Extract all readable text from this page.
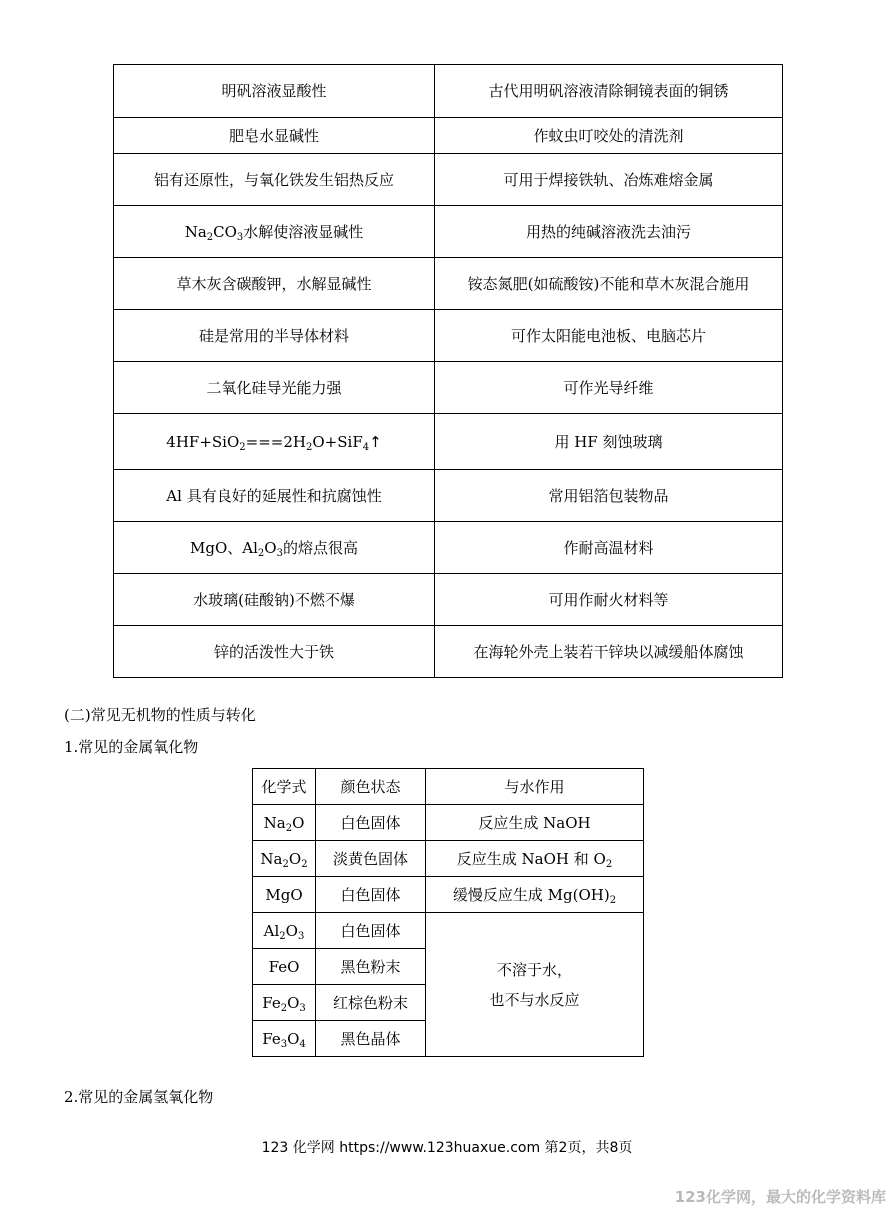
明矾溶液显酸性	古代用明矾溶液清除铜镜表面的铜锈
肥皂水显碱性	作蚊虫叮咬处的清洗剂
铝有还原性，与氧化铁发生铝热反应	可用于焊接铁轨、冶炼难熔金属
$Na_2CO_3$水解使溶液显碱性	用热的纯碱溶液洗去油污
草木灰含碳酸钾，水解显碱性	铵态氮肥(如硫酸铵)不能和草木灰混合施用
硅是常用的半导体材料	可作太阳能电池板、电脑芯片
二氧化硅导光能力强	可作光导纤维
$4HF+SiO_2===2H_2O+SiF_4↑$	用 HF 刻蚀玻璃
Al 具有良好的延展性和抗腐蚀性	常用铝箔包装物品
MgO、$Al_2O_3$的熔点很高	作耐高温材料
水玻璃(硅酸钠)不燃不爆	可用作耐火材料等
锌的活泼性大于铁	在海轮外壳上装若干锌块以减缓船体腐蚀
(二)常见无机物的性质与转化
1.常见的金属氧化物
化学式	颜色状态	与水作用
$Na_2O$	白色固体	反应生成 NaOH
$Na_2O_2$	淡黄色固体	反应生成 NaOH 和 $O_2$
MgO	白色固体	缓慢反应生成 $Mg(OH)_2$
$Al_2O_3$	白色固体	不溶于水，
也不与水反应

FeO	黑色粉末	
$Fe_2O_3$	红棕色粉末	
$Fe_3O_4$	黑色晶体	
2.常见的金属氢氧化物
123 化学网 https://www.123huaxue.com 第2页，共8页
123化学网，最大的化学资料库
